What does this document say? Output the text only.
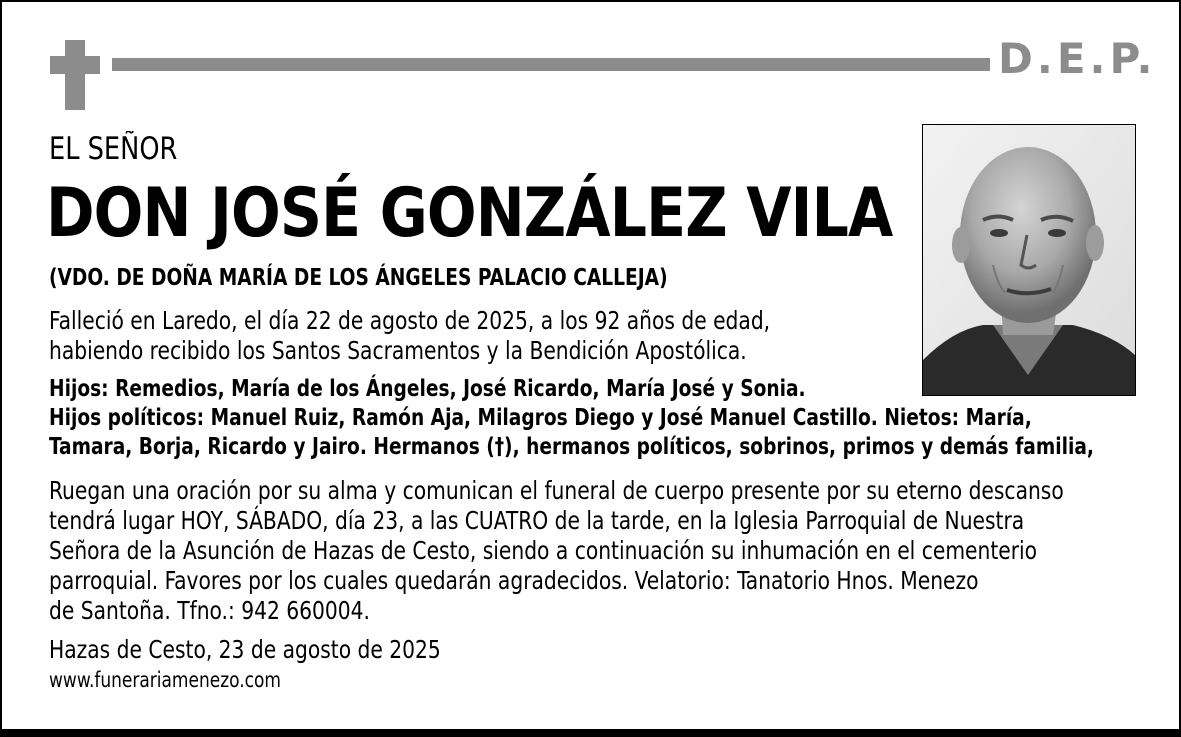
D.E.P.
EL SEÑOR
DON JOSÉ GONZÁLEZ VILA
(VDO. DE DOÑA MARÍA DE LOS ÁNGELES PALACIO CALLEJA)
Falleció en Laredo, el día 22 de agosto de 2025, a los 92 años de edad,
habiendo recibido los Santos Sacramentos y la Bendición Apostólica.
Hijos: Remedios, María de los Ángeles, José Ricardo, María José y Sonia.
Hijos políticos: Manuel Ruiz, Ramón Aja, Milagros Diego y José Manuel Castillo. Nietos: María,
Tamara, Borja, Ricardo y Jairo. Hermanos (†), hermanos políticos, sobrinos, primos y demás familia,
Ruegan una oración por su alma y comunican el funeral de cuerpo presente por su eterno descanso
tendrá lugar HOY, SÁBADO, día 23, a las CUATRO de la tarde, en la Iglesia Parroquial de Nuestra
Señora de la Asunción de Hazas de Cesto, siendo a continuación su inhumación en el cementerio
parroquial. Favores por los cuales quedarán agradecidos. Velatorio: Tanatorio Hnos. Menezo
de Santoña. Tfno.: 942 660004.
Hazas de Cesto, 23 de agosto de 2025
www.funerariamenezo.com
